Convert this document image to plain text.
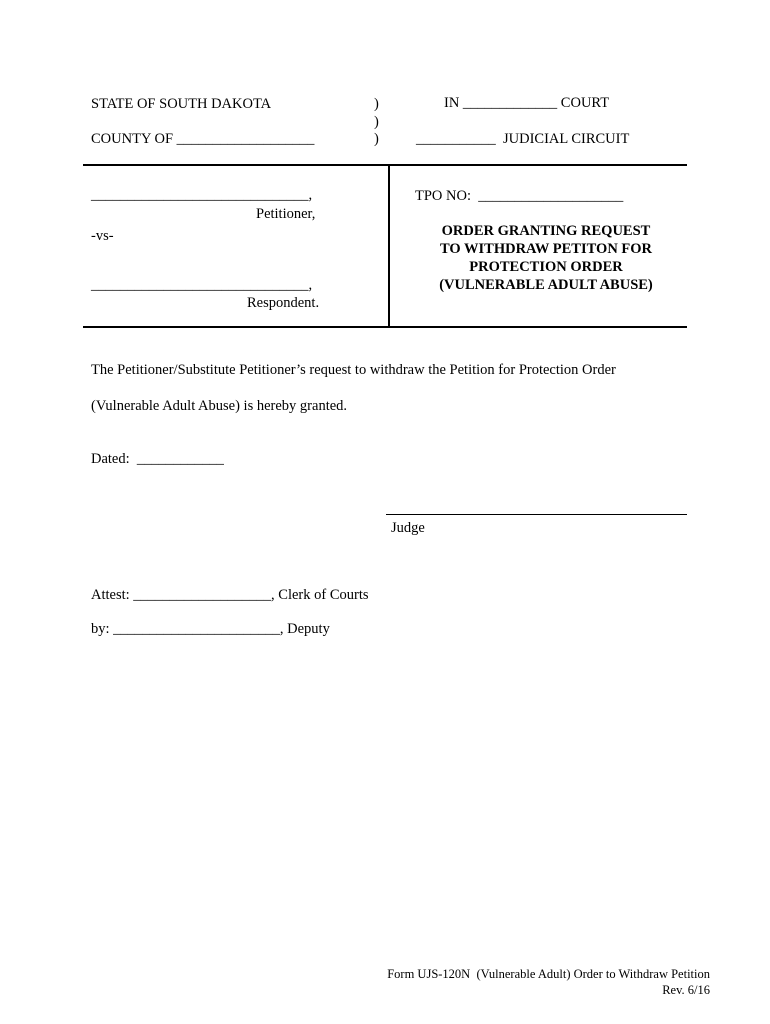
STATE OF SOUTH DAKOTA
COUNTY OF ___________________
)
)
)
IN _____________ COURT
___________  JUDICIAL CIRCUIT
______________________________,
Petitioner,
-vs-
______________________________,
Respondent.
TPO NO:  ____________________
ORDER GRANTING REQUEST
TO WITHDRAW PETITON FOR
PROTECTION ORDER
(VULNERABLE ADULT ABUSE)
The Petitioner/Substitute Petitioner’s request to withdraw the Petition for Protection Order
(Vulnerable Adult Abuse) is hereby granted.
Dated:  ____________
Judge
Attest: ___________________, Clerk of Courts
by: _______________________, Deputy
Form UJS-120N  (Vulnerable Adult) Order to Withdraw Petition
Rev. 6/16
